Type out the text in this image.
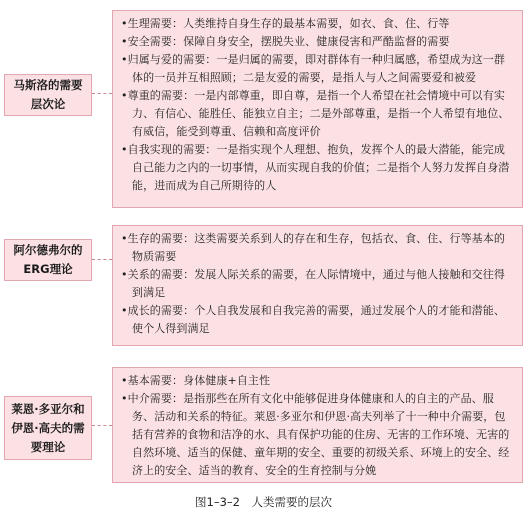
•生理需要：人类维持自身生存的最基本需要，如衣、食、住、行等

•安全需要：保障自身安全，摆脱失业、健康侵害和严酷监督的需要

•归属与爱的需要：一是归属的需要，即对群体有一种归属感，希望成为这一群体的一员并互相照顾；二是友爱的需要，是指人与人之间需要爱和被爱

•尊重的需要：一是内部尊重，即自尊，是指一个人希望在社会情境中可以有实力、有信心、能胜任、能独立自主；二是外部尊重，是指一个人希望有地位、有威信，能受到尊重、信赖和高度评价

•自我实现的需要：一是指实现个人理想、抱负，发挥个人的最大潜能，能完成自己能力之内的一切事情，从而实现自我的价值；二是指个人努力发挥自身潜能，进而成为自己所期待的人

马斯洛的需要层次论

•生存的需要：这类需要关系到人的存在和生存，包括衣、食、住、行等基本的物质需要

•关系的需要：发展人际关系的需要，在人际情境中，通过与他人接触和交往得到满足

•成长的需要：个人自我发展和自我完善的需要，通过发展个人的才能和潜能、使个人得到满足

阿尔德弗尔的ERG理论

•基本需要：身体健康+自主性

•中介需要：是指那些在所有文化中能够促进身体健康和人的自主的产品、服务、活动和关系的特征。莱恩·多亚尔和伊恩·高夫列举了十一种中介需要，包括有营养的食物和洁净的水、具有保护功能的住房、无害的工作环境、无害的自然环境、适当的保健、童年期的安全、重要的初级关系、环境上的安全、经济上的安全、适当的教育、安全的生育控制与分娩

莱恩·多亚尔和伊恩·高夫的需要理论
图1–3–2　人类需要的层次
